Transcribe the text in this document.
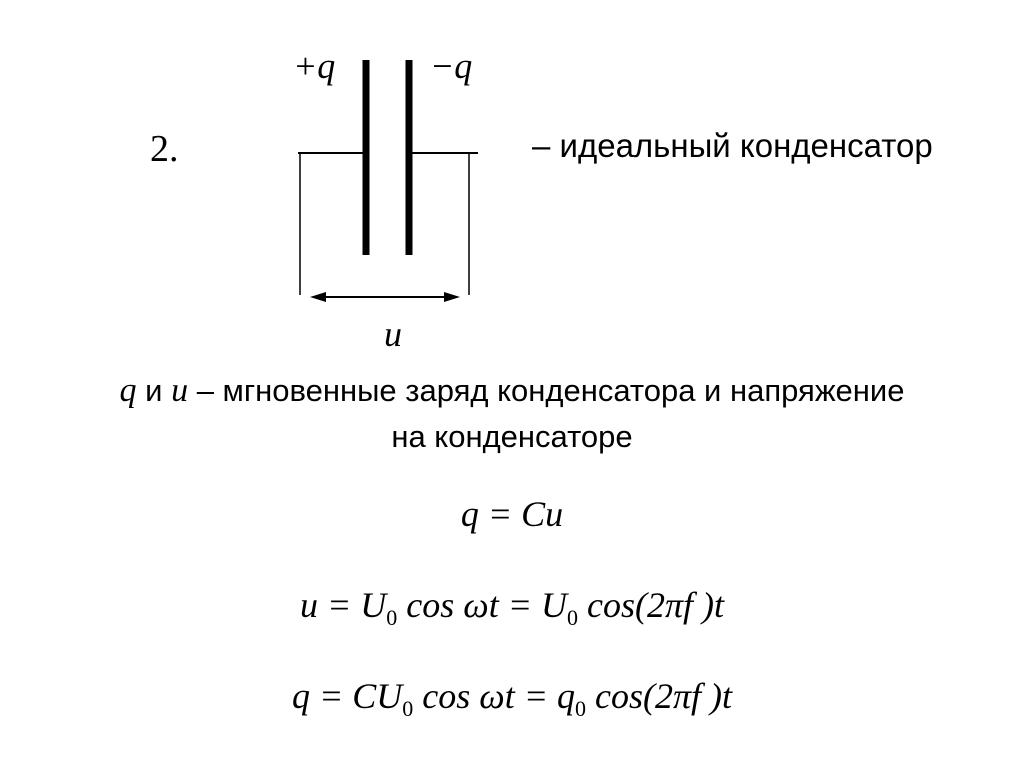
2.
+q	−q
u
– идеальный конденсатор
q и u – мгновенные заряд конденсатора и напряжение
на конденсаторе
q = Cu
$u = U_0$ $\cos \omega t = U_0$ cos(2πf )t
$q = CU_0$ $\cos \omega t = q_0$ cos(2πf )t
